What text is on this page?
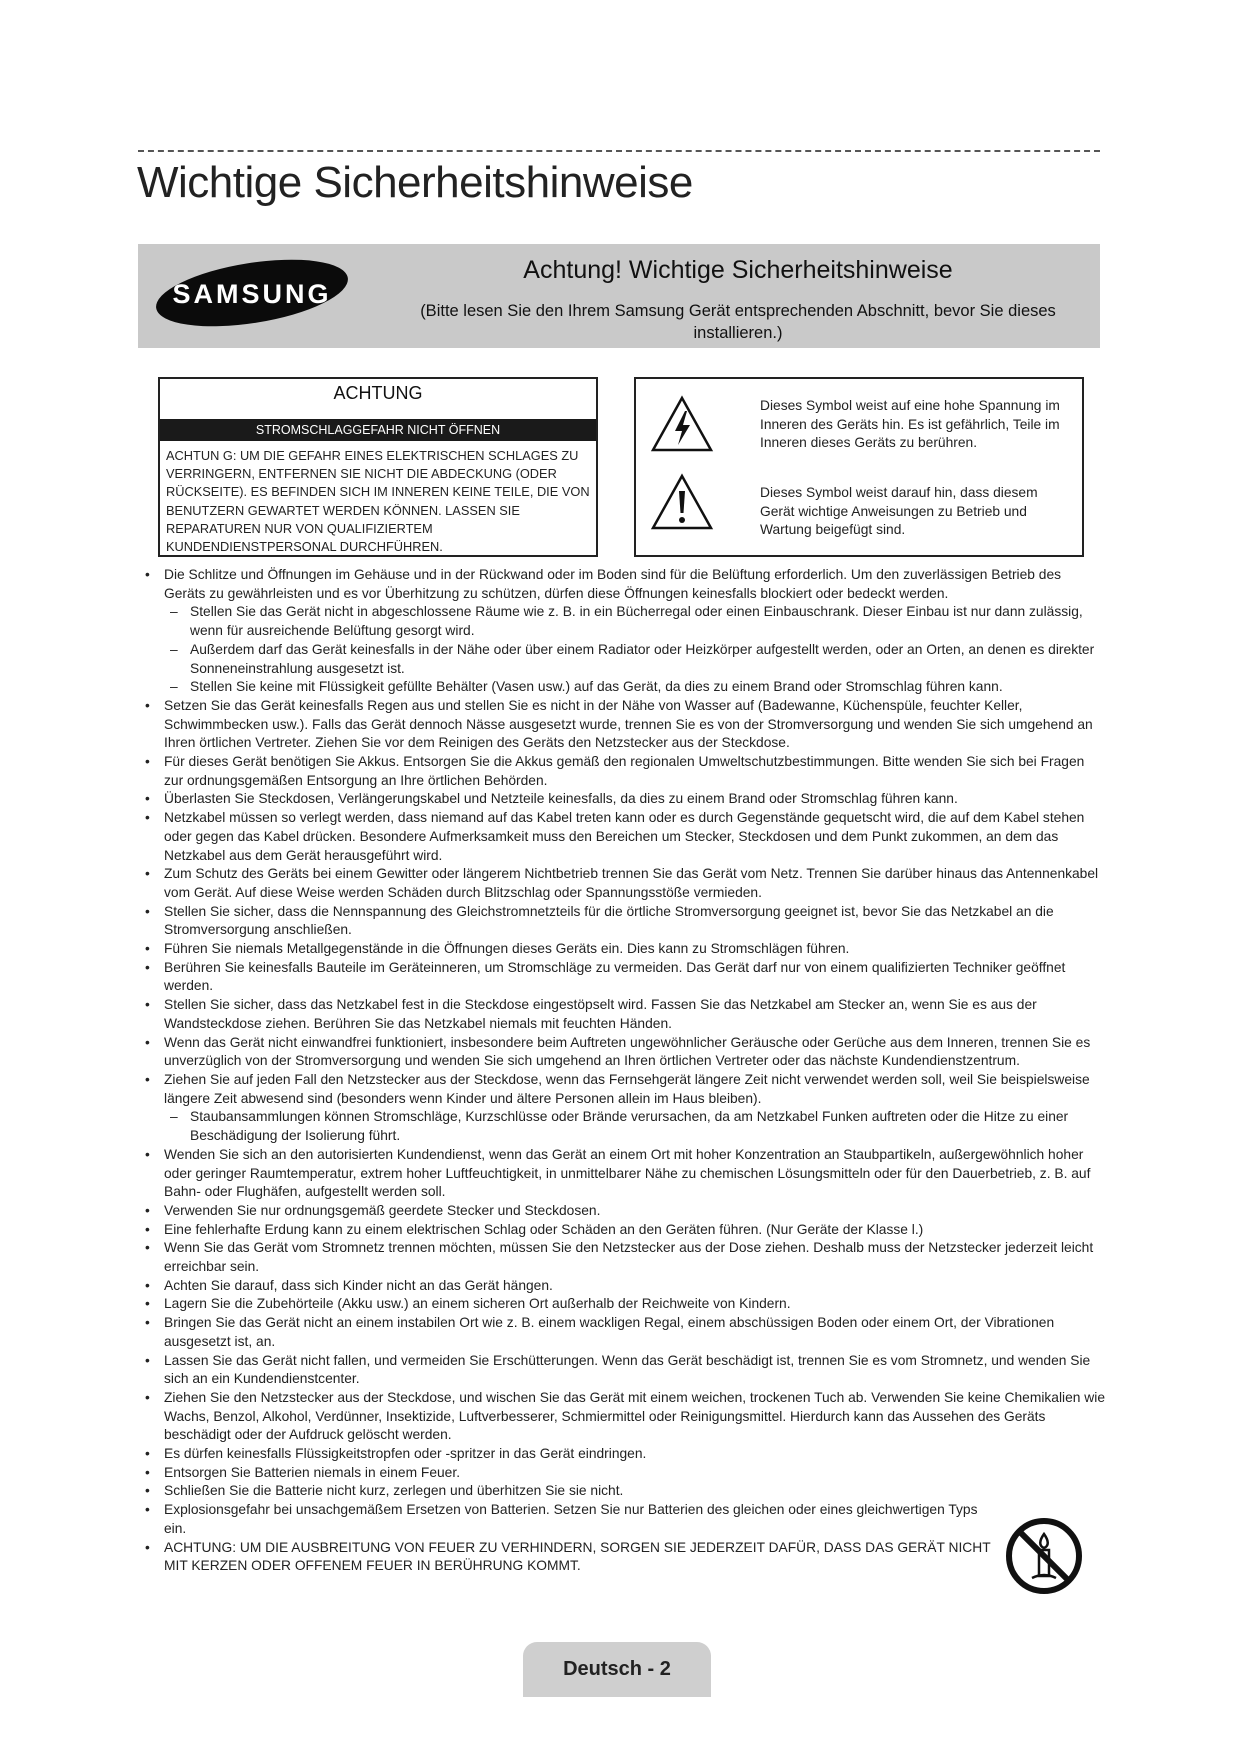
Wichtige Sicherheitshinweise
SAMSUNG
Achtung! Wichtige Sicherheitshinweise
(Bitte lesen Sie den Ihrem Samsung Gerät entsprechenden Abschnitt, bevor Sie dieses installieren.)
ACHTUNG
STROMSCHLAGGEFAHR NICHT ÖFFNEN
ACHTUN G: UM DIE GEFAHR EINES ELEKTRISCHEN SCHLAGES ZU VERRINGERN, ENTFERNEN SIE NICHT DIE ABDECKUNG (ODER RÜCKSEITE). ES BEFINDEN SICH IM INNEREN KEINE TEILE, DIE VON BENUTZERN GEWARTET WERDEN KÖNNEN. LASSEN SIE REPARATUREN NUR VON QUALIFIZIERTEM KUNDENDIENSTPERSONAL DURCHFÜHREN.
Dieses Symbol weist auf eine hohe Spannung im Inneren des Geräts hin. Es ist gefährlich, Teile im Inneren dieses Geräts zu berühren.
Dieses Symbol weist darauf hin, dass diesem Gerät wichtige Anweisungen zu Betrieb und Wartung beigefügt sind.
• Die Schlitze und Öffnungen im Gehäuse und in der Rückwand oder im Boden sind für die Belüftung erforderlich. Um den zuverlässigen Betrieb des Geräts zu gewährleisten und es vor Überhitzung zu schützen, dürfen diese Öffnungen keinesfalls blockiert oder bedeckt werden.
– Stellen Sie das Gerät nicht in abgeschlossene Räume wie z. B. in ein Bücherregal oder einen Einbauschrank. Dieser Einbau ist nur dann zulässig, wenn für ausreichende Belüftung gesorgt wird.
– Außerdem darf das Gerät keinesfalls in der Nähe oder über einem Radiator oder Heizkörper aufgestellt werden, oder an Orten, an denen es direkter Sonneneinstrahlung ausgesetzt ist.
– Stellen Sie keine mit Flüssigkeit gefüllte Behälter (Vasen usw.) auf das Gerät, da dies zu einem Brand oder Stromschlag führen kann.
• Setzen Sie das Gerät keinesfalls Regen aus und stellen Sie es nicht in der Nähe von Wasser auf (Badewanne, Küchenspüle, feuchter Keller, Schwimmbecken usw.). Falls das Gerät dennoch Nässe ausgesetzt wurde, trennen Sie es von der Stromversorgung und wenden Sie sich umgehend an Ihren örtlichen Vertreter. Ziehen Sie vor dem Reinigen des Geräts den Netzstecker aus der Steckdose.
• Für dieses Gerät benötigen Sie Akkus. Entsorgen Sie die Akkus gemäß den regionalen Umweltschutzbestimmungen. Bitte wenden Sie sich bei Fragen zur ordnungsgemäßen Entsorgung an Ihre örtlichen Behörden.
• Überlasten Sie Steckdosen, Verlängerungskabel und Netzteile keinesfalls, da dies zu einem Brand oder Stromschlag führen kann.
• Netzkabel müssen so verlegt werden, dass niemand auf das Kabel treten kann oder es durch Gegenstände gequetscht wird, die auf dem Kabel stehen oder gegen das Kabel drücken. Besondere Aufmerksamkeit muss den Bereichen um Stecker, Steckdosen und dem Punkt zukommen, an dem das Netzkabel aus dem Gerät herausgeführt wird.
• Zum Schutz des Geräts bei einem Gewitter oder längerem Nichtbetrieb trennen Sie das Gerät vom Netz. Trennen Sie darüber hinaus das Antennenkabel vom Gerät. Auf diese Weise werden Schäden durch Blitzschlag oder Spannungsstöße vermieden.
• Stellen Sie sicher, dass die Nennspannung des Gleichstromnetzteils für die örtliche Stromversorgung geeignet ist, bevor Sie das Netzkabel an die Stromversorgung anschließen.
• Führen Sie niemals Metallgegenstände in die Öffnungen dieses Geräts ein. Dies kann zu Stromschlägen führen.
• Berühren Sie keinesfalls Bauteile im Geräteinneren, um Stromschläge zu vermeiden. Das Gerät darf nur von einem qualifizierten Techniker geöffnet werden.
• Stellen Sie sicher, dass das Netzkabel fest in die Steckdose eingestöpselt wird. Fassen Sie das Netzkabel am Stecker an, wenn Sie es aus der Wandsteckdose ziehen. Berühren Sie das Netzkabel niemals mit feuchten Händen.
• Wenn das Gerät nicht einwandfrei funktioniert, insbesondere beim Auftreten ungewöhnlicher Geräusche oder Gerüche aus dem Inneren, trennen Sie es unverzüglich von der Stromversorgung und wenden Sie sich umgehend an Ihren örtlichen Vertreter oder das nächste Kundendienstzentrum.
• Ziehen Sie auf jeden Fall den Netzstecker aus der Steckdose, wenn das Fernsehgerät längere Zeit nicht verwendet werden soll, weil Sie beispielsweise längere Zeit abwesend sind (besonders wenn Kinder und ältere Personen allein im Haus bleiben).
– Staubansammlungen können Stromschläge, Kurzschlüsse oder Brände verursachen, da am Netzkabel Funken auftreten oder die Hitze zu einer Beschädigung der Isolierung führt.
• Wenden Sie sich an den autorisierten Kundendienst, wenn das Gerät an einem Ort mit hoher Konzentration an Staubpartikeln, außergewöhnlich hoher oder geringer Raumtemperatur, extrem hoher Luftfeuchtigkeit, in unmittelbarer Nähe zu chemischen Lösungsmitteln oder für den Dauerbetrieb, z. B. auf Bahn- oder Flughäfen, aufgestellt werden soll.
• Verwenden Sie nur ordnungsgemäß geerdete Stecker und Steckdosen.
• Eine fehlerhafte Erdung kann zu einem elektrischen Schlag oder Schäden an den Geräten führen. (Nur Geräte der Klasse l.)
• Wenn Sie das Gerät vom Stromnetz trennen möchten, müssen Sie den Netzstecker aus der Dose ziehen. Deshalb muss der Netzstecker jederzeit leicht erreichbar sein.
• Achten Sie darauf, dass sich Kinder nicht an das Gerät hängen.
• Lagern Sie die Zubehörteile (Akku usw.) an einem sicheren Ort außerhalb der Reichweite von Kindern.
• Bringen Sie das Gerät nicht an einem instabilen Ort wie z. B. einem wackligen Regal, einem abschüssigen Boden oder einem Ort, der Vibrationen ausgesetzt ist, an.
• Lassen Sie das Gerät nicht fallen, und vermeiden Sie Erschütterungen. Wenn das Gerät beschädigt ist, trennen Sie es vom Stromnetz, und wenden Sie sich an ein Kundendienstcenter.
• Ziehen Sie den Netzstecker aus der Steckdose, und wischen Sie das Gerät mit einem weichen, trockenen Tuch ab. Verwenden Sie keine Chemikalien wie Wachs, Benzol, Alkohol, Verdünner, Insektizide, Luftverbesserer, Schmiermittel oder Reinigungsmittel. Hierdurch kann das Aussehen des Geräts beschädigt oder der Aufdruck gelöscht werden.
• Es dürfen keinesfalls Flüssigkeitstropfen oder -spritzer in das Gerät eindringen.
• Entsorgen Sie Batterien niemals in einem Feuer.
• Schließen Sie die Batterie nicht kurz, zerlegen und überhitzen Sie sie nicht.
• Explosionsgefahr bei unsachgemäßem Ersetzen von Batterien. Setzen Sie nur Batterien des gleichen oder eines gleichwertigen Typs ein.
• ACHTUNG: UM DIE AUSBREITUNG VON FEUER ZU VERHINDERN, SORGEN SIE JEDERZEIT DAFÜR, DASS DAS GERÄT NICHT MIT KERZEN ODER OFFENEM FEUER IN BERÜHRUNG KOMMT.
Deutsch - 2
